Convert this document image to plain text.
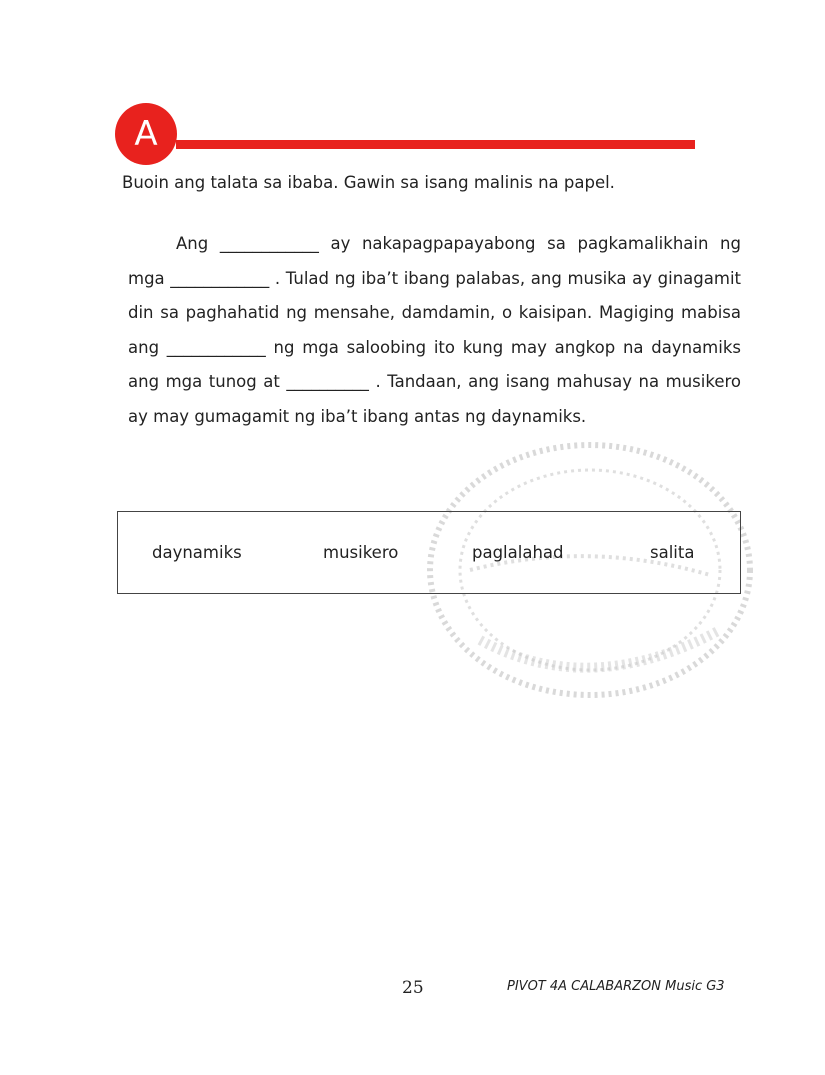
A
Buoin ang talata sa ibaba. Gawin sa isang malinis na papel.
Ang ____________ ay nakapagpapayabong sa pagkamalikhain ng mga ____________ . Tulad ng iba’t ibang palabas, ang musika ay ginagamit din sa paghahatid ng mensahe, damdamin, o kaisipan. Magiging mabisa ang ____________ ng mga saloobing ito kung may angkop na daynamiks ang mga tunog at __________ . Tandaan, ang isang mahusay na musikero ay may gumagamit ng iba’t ibang antas ng daynamiks.
daynamiks	musikero	paglalahad	salita
25	PIVOT 4A CALABARZON Music G3
